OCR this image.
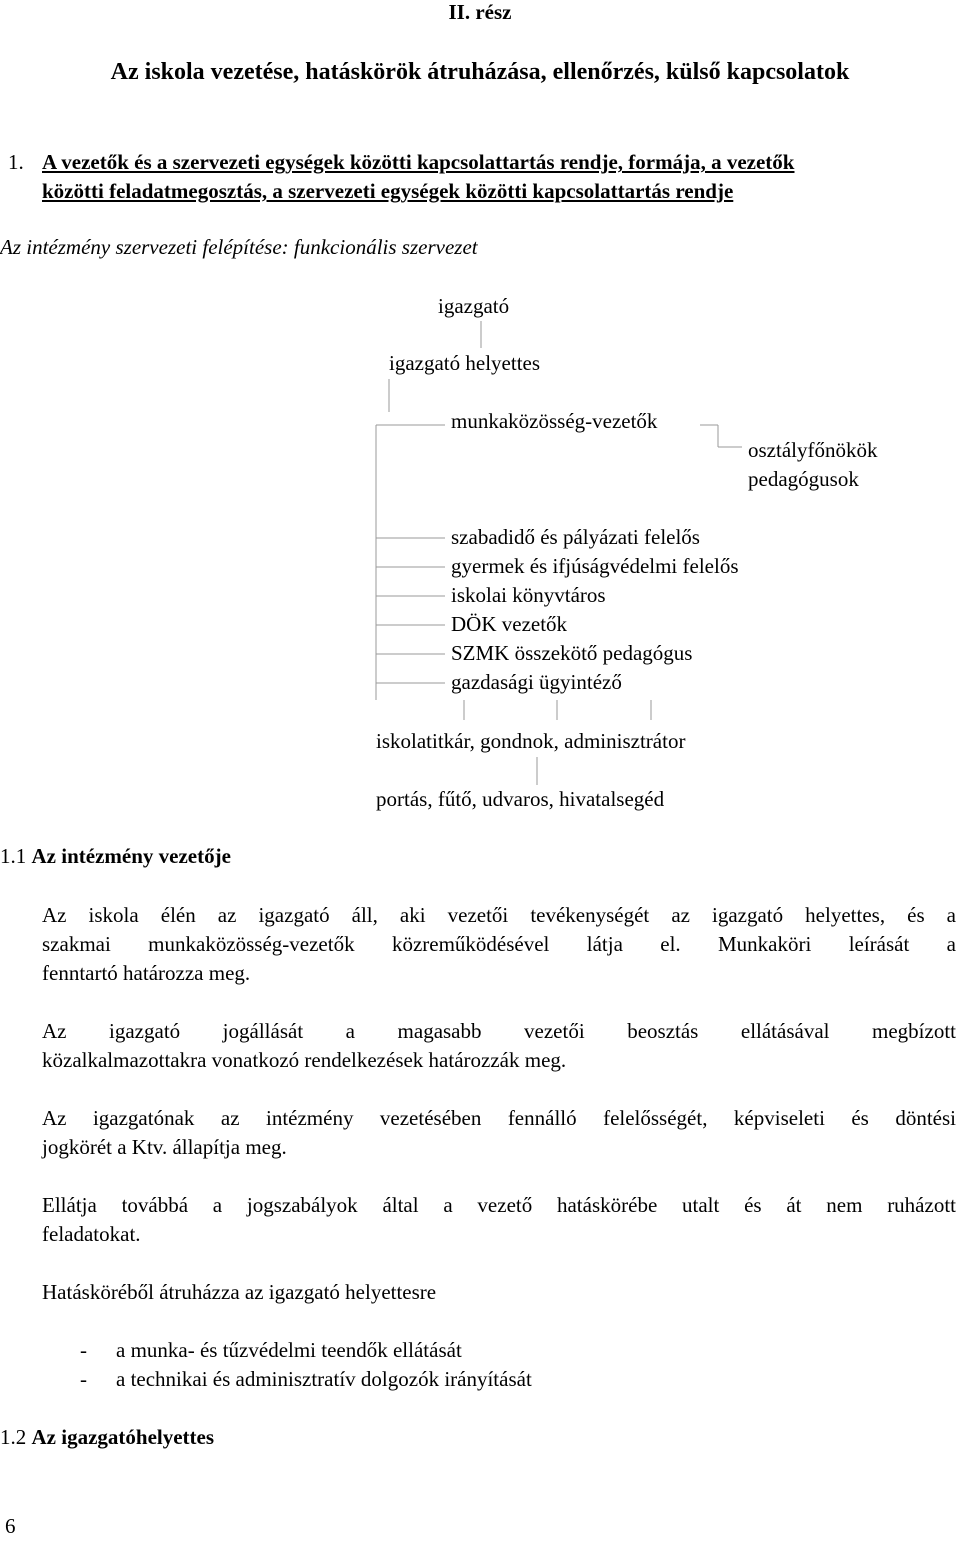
II. rész
Az iskola vezetése, hatáskörök átruházása, ellenőrzés, külső kapcsolatok
1. A vezetők és a szervezeti egységek közötti kapcsolattartás rendje, formája, a vezetők
közötti feladatmegosztás, a szervezeti egységek közötti kapcsolattartás rendje
Az intézmény szervezeti felépítése: funkcionális szervezet
igazgató
igazgató helyettes
munkaközösség-vezetők
osztályfőnökök
pedagógusok
szabadidő és pályázati felelős
gyermek és ifjúságvédelmi felelős
iskolai könyvtáros
DÖK vezetők
SZMK összekötő pedagógus
gazdasági ügyintéző
iskolatitkár, gondnok, adminisztrátor
portás, fűtő, udvaros, hivatalsegéd
1.1 Az intézmény vezetője
Az iskola élén az igazgató áll, aki vezetői tevékenységét az igazgató helyettes, és a
szakmai munkaközösség-vezetők közreműködésével látja el. Munkaköri leírását a
fenntartó határozza meg.
Az igazgató jogállását a magasabb vezetői beosztás ellátásával megbízott
közalkalmazottakra vonatkozó rendelkezések határozzák meg.
Az igazgatónak az intézmény vezetésében fennálló felelősségét, képviseleti és döntési
jogkörét a Ktv. állapítja meg.
Ellátja továbbá a jogszabályok által a vezető hatáskörébe utalt és át nem ruházott
feladatokat.
Hatásköréből átruházza az igazgató helyettesre
- a munka- és tűzvédelmi teendők ellátását
- a technikai és adminisztratív dolgozók irányítását
1.2 Az igazgatóhelyettes
6
